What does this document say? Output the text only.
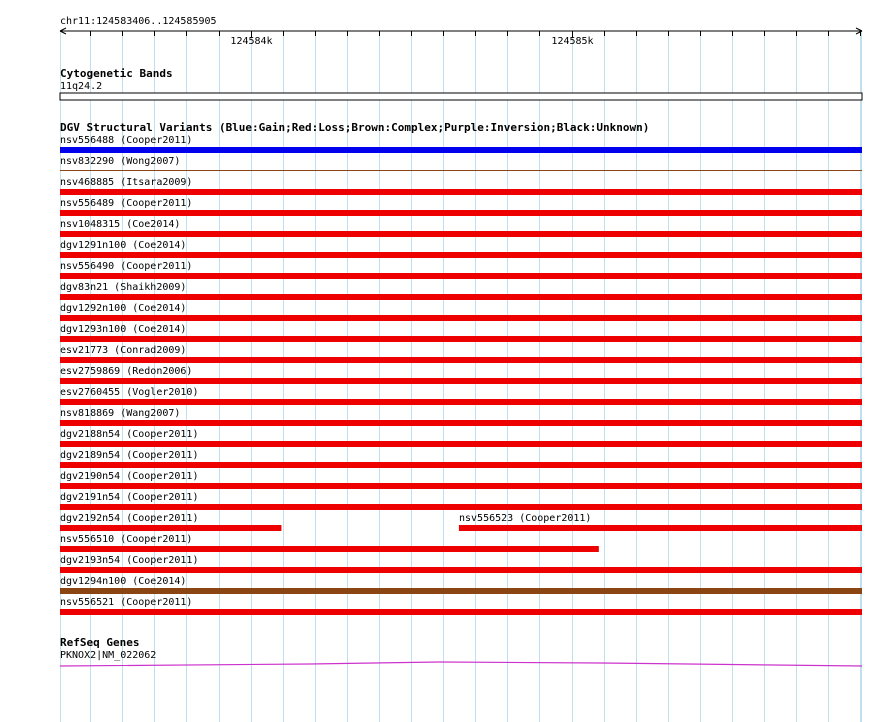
chr11:124583406..124585905
124584k	124585k
Cytogenetic Bands
11q24.2
DGV Structural Variants (Blue:Gain;Red:Loss;Brown:Complex;Purple:Inversion;Black:Unknown)
nsv556488 (Cooper2011)
nsv832290 (Wong2007)
nsv468885 (Itsara2009)
nsv556489 (Cooper2011)
nsv1048315 (Coe2014)
dgv1291n100 (Coe2014)
nsv556490 (Cooper2011)
dgv83n21 (Shaikh2009)
dgv1292n100 (Coe2014)
dgv1293n100 (Coe2014)
esv21773 (Conrad2009)
esv2759869 (Redon2006)
esv2760455 (Vogler2010)
nsv818869 (Wang2007)
dgv2188n54 (Cooper2011)
dgv2189n54 (Cooper2011)
dgv2190n54 (Cooper2011)
dgv2191n54 (Cooper2011)
dgv2192n54 (Cooper2011)	nsv556523 (Cooper2011)
nsv556510 (Cooper2011)
dgv2193n54 (Cooper2011)
dgv1294n100 (Coe2014)
nsv556521 (Cooper2011)
RefSeq Genes
PKNOX2|NM_022062
